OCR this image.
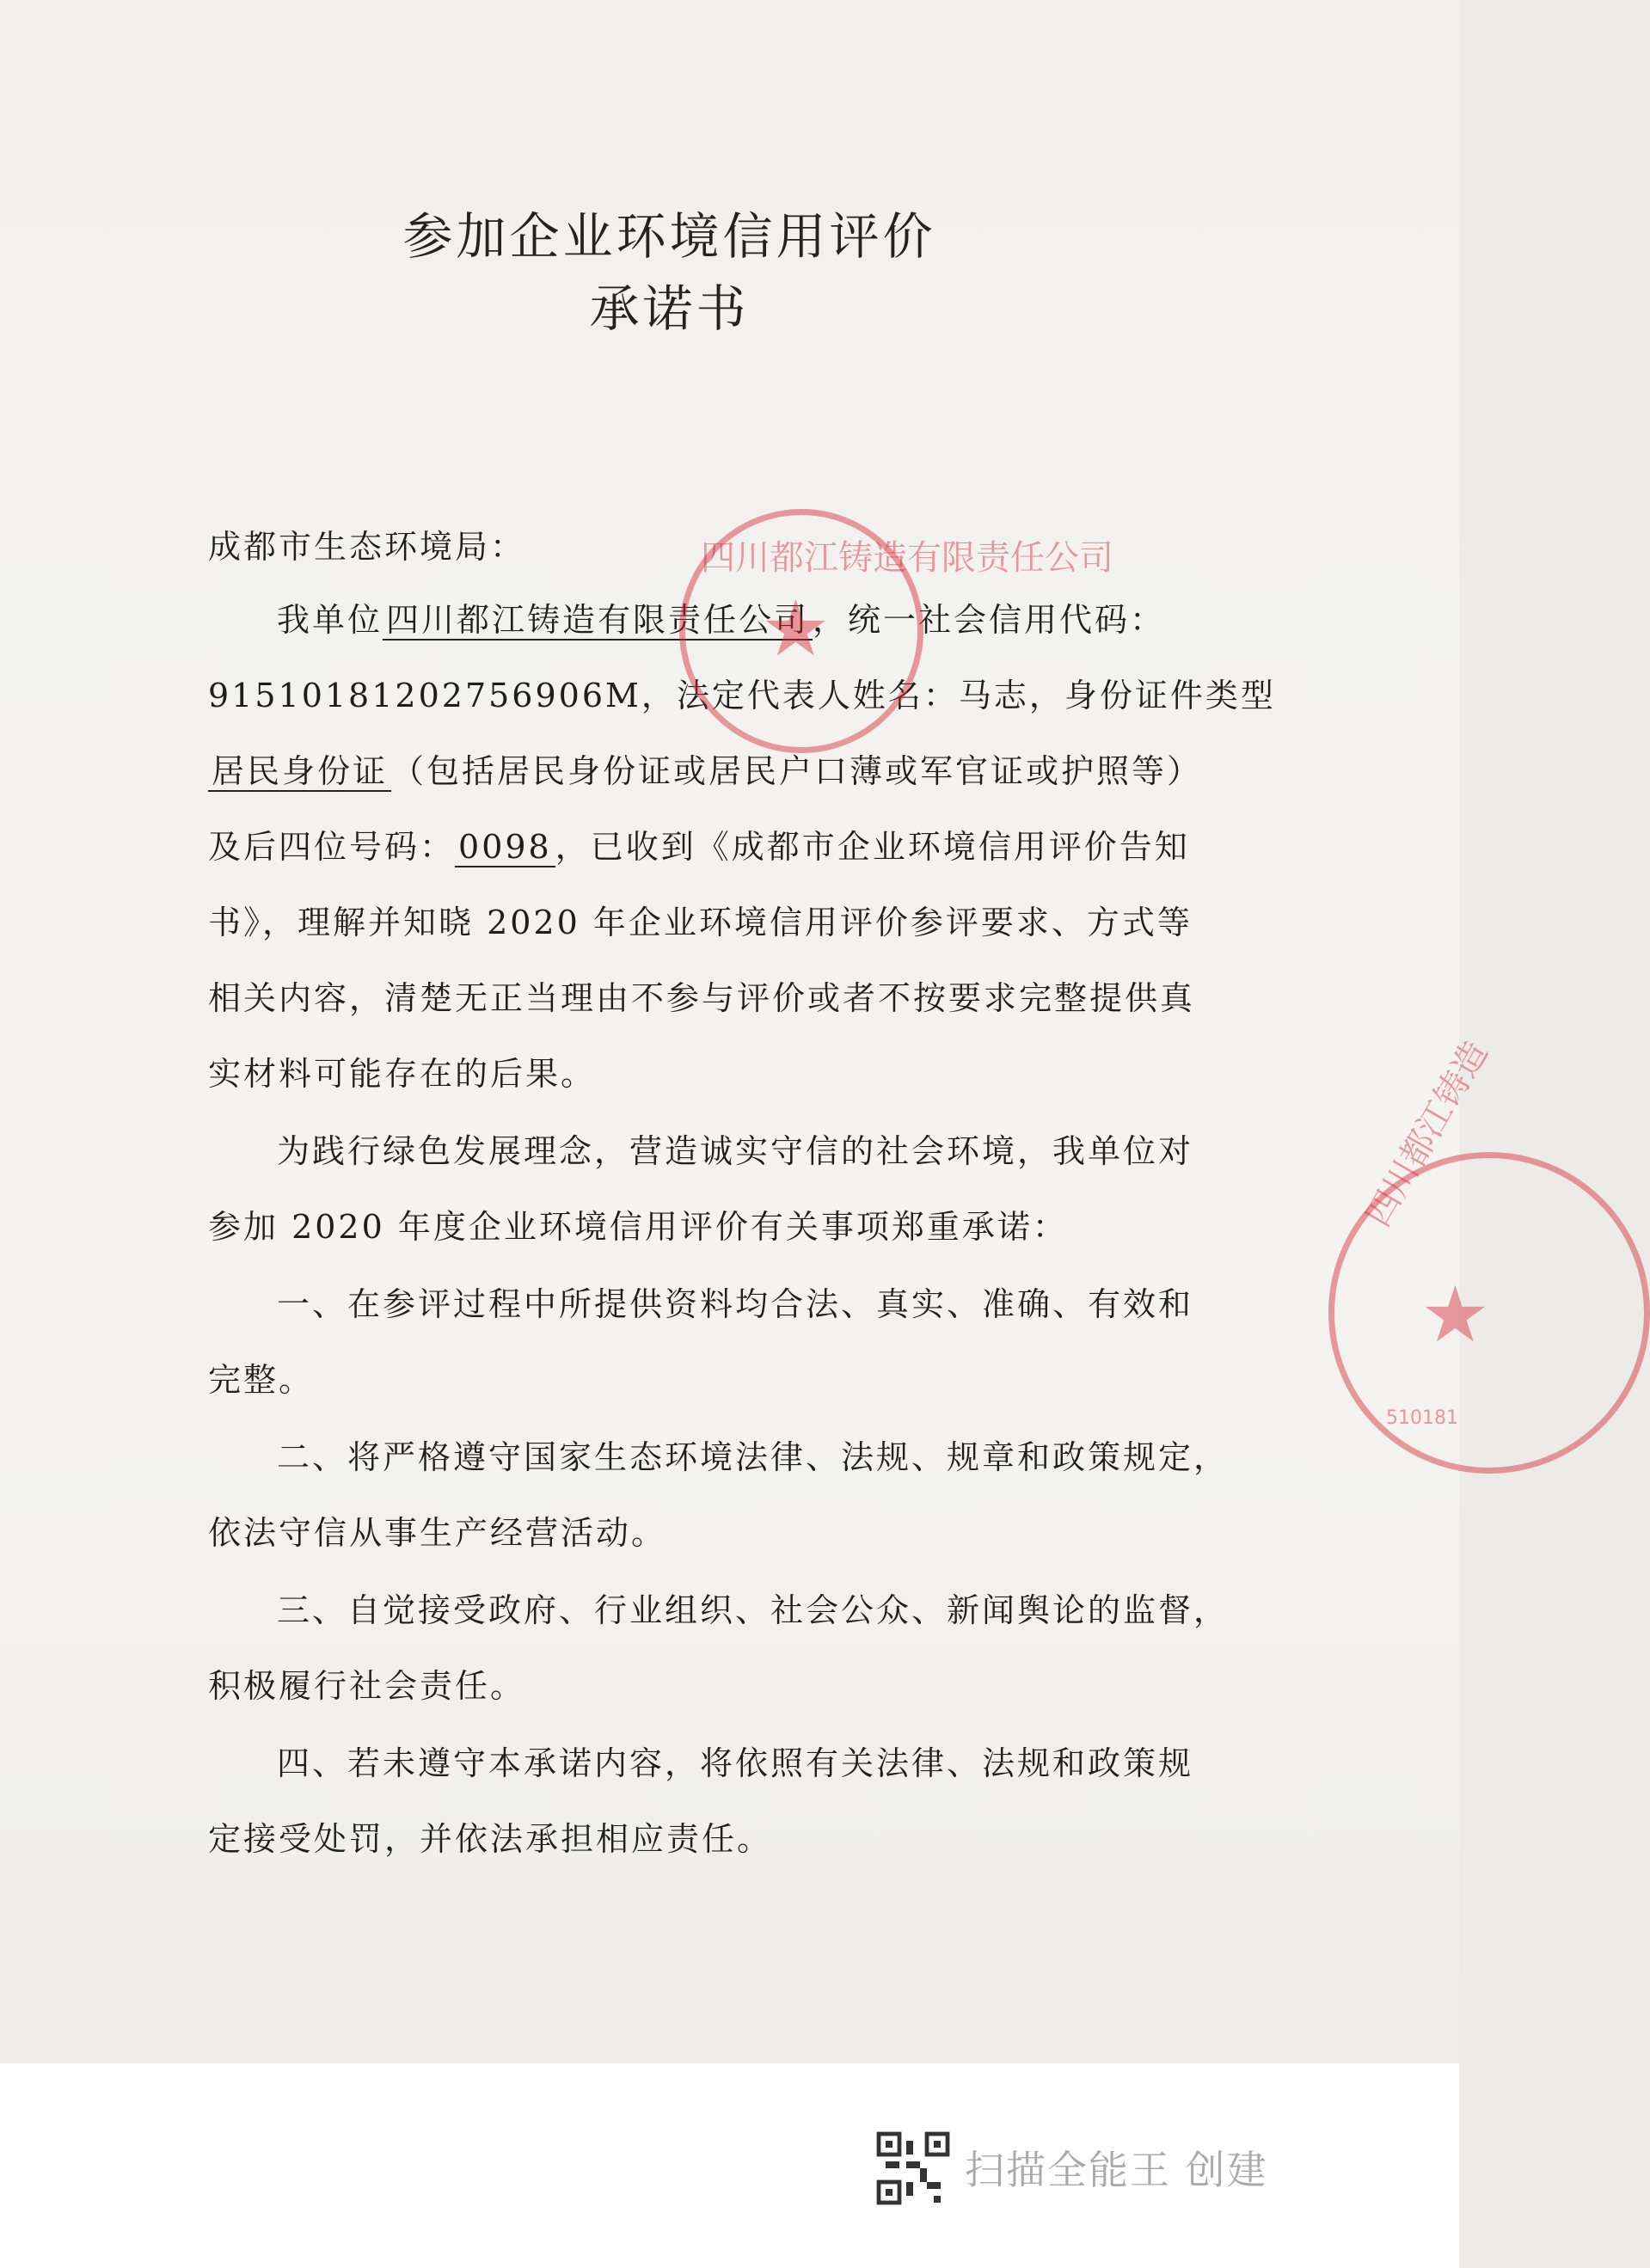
参加企业环境信用评价
承诺书
成都市生态环境局：
我单位 四川都江铸造有限责任公司 ，统一社会信用代码：
91510181202756906M，法定代表人姓名：马志，身份证件类型
居民身份证 （包括居民身份证或居民户口薄或军官证或护照等）
及后四位号码： 0098 ，已收到《成都市企业环境信用评价告知
书》，理解并知晓 2020 年企业环境信用评价参评要求、方式等
相关内容，清楚无正当理由不参与评价或者不按要求完整提供真
实材料可能存在的后果。
为践行绿色发展理念，营造诚实守信的社会环境，我单位对
参加 2020 年度企业环境信用评价有关事项郑重承诺：
一、在参评过程中所提供资料均合法、真实、准确、有效和
完整。
二、将严格遵守国家生态环境法律、法规、规章和政策规定，
依法守信从事生产经营活动。
三、自觉接受政府、行业组织、社会公众、新闻舆论的监督，
积极履行社会责任。
四、若未遵守本承诺内容，将依照有关法律、法规和政策规
定接受处罚，并依法承担相应责任。
四川都江铸造有限责任公司
★
四川都江铸造
★
510181
扫描全能王 创建
